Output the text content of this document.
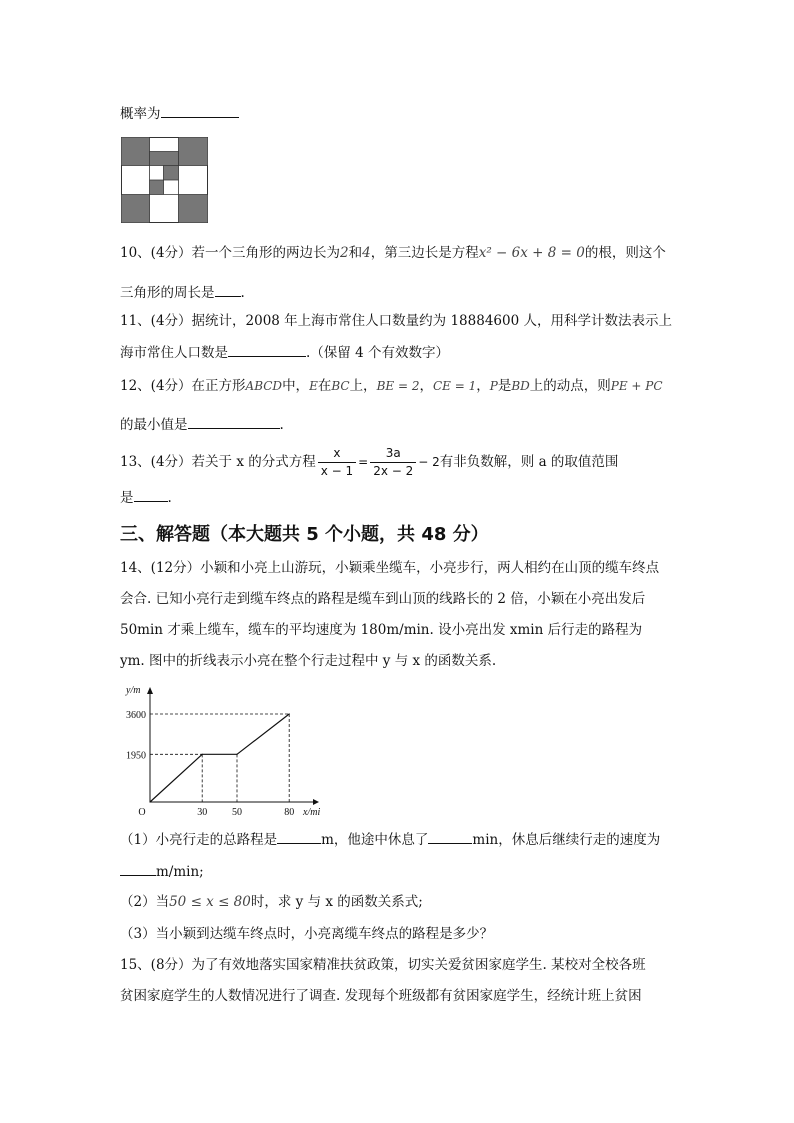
概率为
10、(4分）若一个三角形的两边长为2和4，第三边长是方程x² − 6x + 8 = 0的根，则这个
三角形的周长是 .
11、(4分）据统计，2008 年上海市常住人口数量约为 18884600 人，用科学计数法表示上
海市常住人口数是	.（保留 4 个有效数字）
12、(4分）在正方形ABCD中，E在BC上，BE = 2，CE = 1，P是BD上的动点，则PE + PC
的最小值是	.
13、(4分）若关于 x 的分式方程 $\frac{x}{x - 1} = \frac{3a}{2x - 2} - 2$有非负数解，则 a 的取值范围
是	.
三、解答题（本大题共 5 个小题，共 48 分）
14、(12分）小颖和小亮上山游玩，小颖乘坐缆车，小亮步行，两人相约在山顶的缆车终点
会合. 已知小亮行走到缆车终点的路程是缆车到山顶的线路长的 2 倍，小颖在小亮出发后
50min 才乘上缆车，缆车的平均速度为 180m/min. 设小亮出发 xmin 后行走的路程为
ym. 图中的折线表示小亮在整个行走过程中 y 与 x 的函数关系.
30 50	80
1950
3600
O
y/m
x/mi
（1）小亮行走的总路程是	m，他途中休息了	min，休息后继续行走的速度为
m/min;
（2）当50 ≤ x ≤ 80时，求 y 与 x 的函数关系式;
（3）当小颖到达缆车终点时，小亮离缆车终点的路程是多少？
15、(8分）为了有效地落实国家精准扶贫政策，切实关爱贫困家庭学生. 某校对全校各班
贫困家庭学生的人数情况进行了调查. 发现每个班级都有贫困家庭学生，经统计班上贫困
